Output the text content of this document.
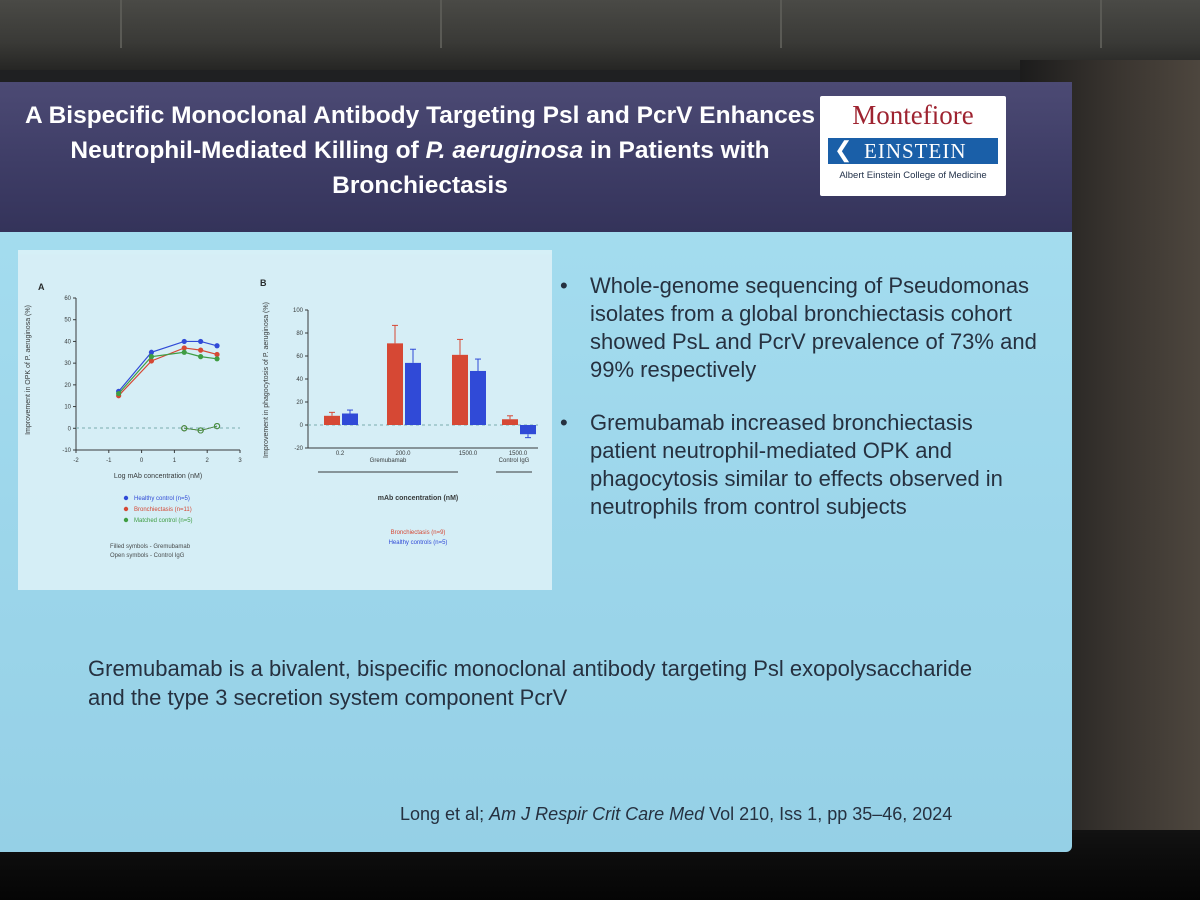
A Bispecific Monoclonal Antibody Targeting Psl and PcrV Enhances Neutrophil-Mediated Killing of P. aeruginosa in Patients with Bronchiectasis
Montefiore
❮ EINSTEIN
Albert Einstein College of Medicine
A
Improvement in OPK of P. aeruginosa (%)
Log mAb concentration (nM)
-10
0
10
20
30
40
50
60
-2	-1	0	1	2	3
Healthy control (n=5)
Bronchiectasis (n=11)
Matched control (n=5)
Filled symbols - Gremubamab
Open symbols - Control IgG
B
Improvement in phagocytosis of P. aeruginosa (%)	-20
0
20
40
60
80
100
0.2	200.0	1500.0	1500.0
Gremubamab	Control IgG
mAb concentration (nM)
Bronchiectasis (n=9)
Healthy controls (n=5)
• Whole-genome sequencing of Pseudomonas isolates from a global bronchiectasis cohort showed PsL and PcrV prevalence of 73% and 99% respectively
• Gremubamab increased bronchiectasis patient neutrophil-mediated OPK and phagocytosis similar to effects observed in neutrophils from control subjects
Gremubamab is a bivalent, bispecific monoclonal antibody targeting Psl exopolysaccharide and the type 3 secretion system component PcrV
Long et al; Am J Respir Crit Care Med Vol 210, Iss 1, pp 35–46, 2024
